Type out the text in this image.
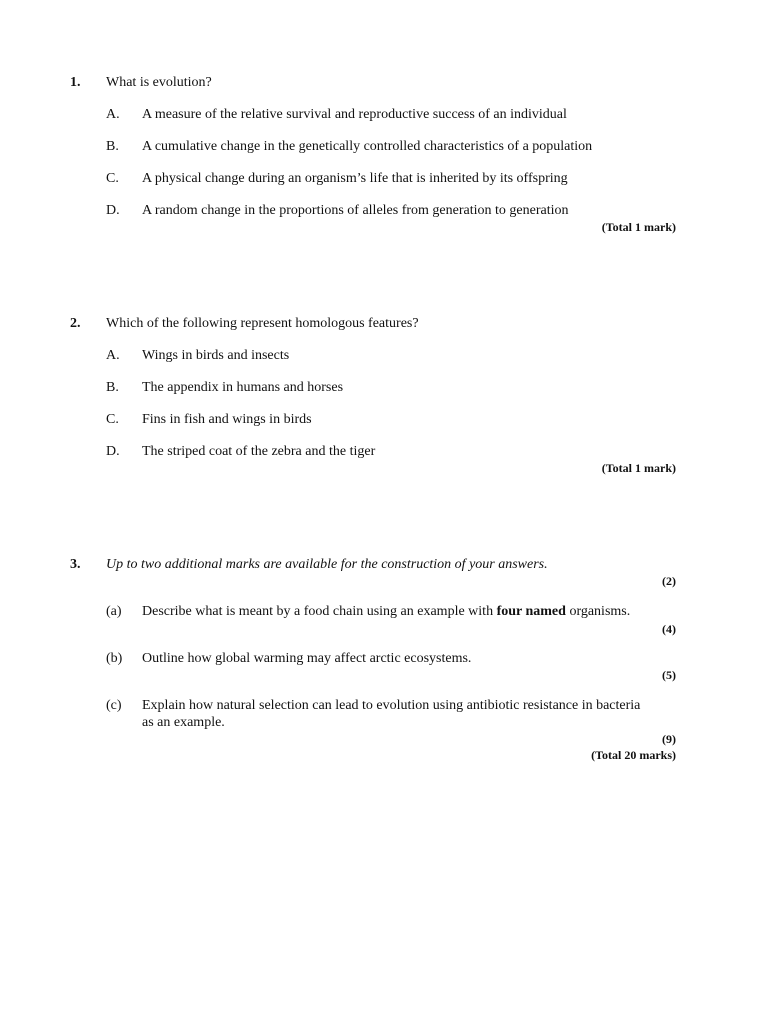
1. What is evolution?
A. A measure of the relative survival and reproductive success of an individual
B. A cumulative change in the genetically controlled characteristics of a population
C. A physical change during an organism’s life that is inherited by its offspring
D. A random change in the proportions of alleles from generation to generation
(Total 1 mark)
2. Which of the following represent homologous features?
A. Wings in birds and insects
B. The appendix in humans and horses
C. Fins in fish and wings in birds
D. The striped coat of the zebra and the tiger
(Total 1 mark)
3. Up to two additional marks are available for the construction of your answers.
(2)
(a) Describe what is meant by a food chain using an example with four named organisms.
(4)
(b) Outline how global warming may affect arctic ecosystems.
(5)
(c) Explain how natural selection can lead to evolution using antibiotic resistance in bacteria as an example.
(9)
(Total 20 marks)
